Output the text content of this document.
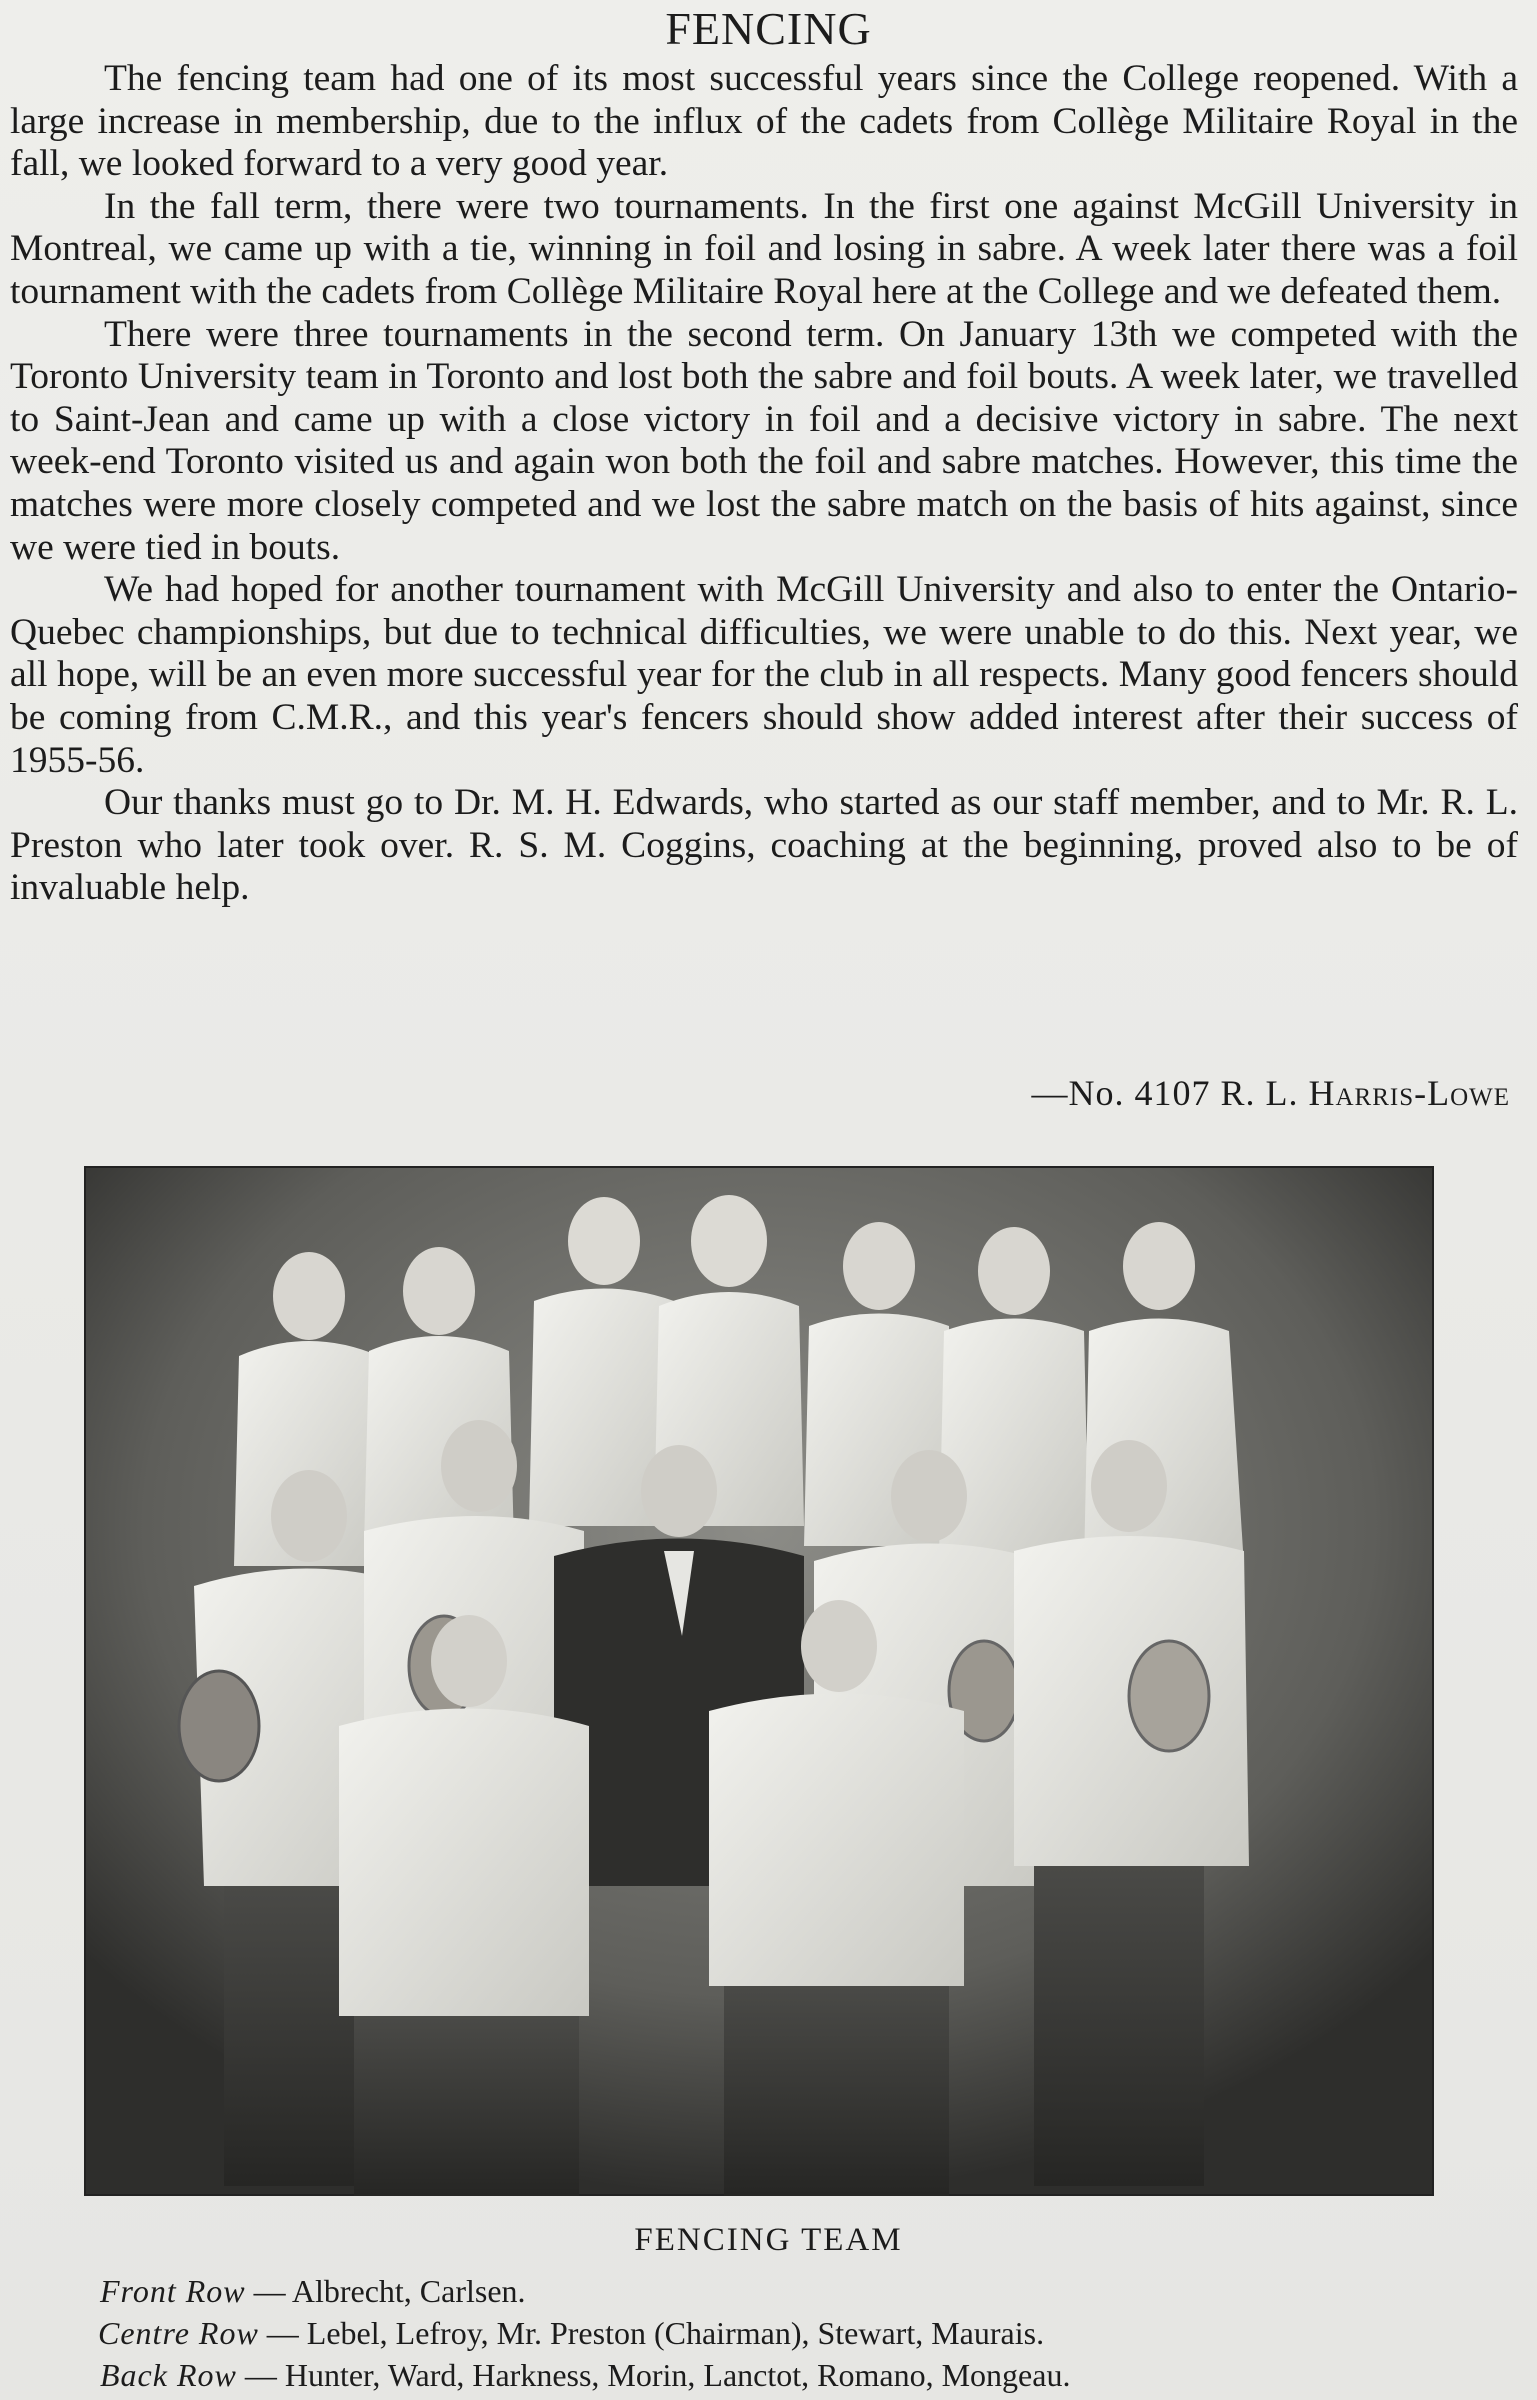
FENCING

The fencing team had one of its most successful years since the College reopened. With a large increase in membership, due to the influx of the cadets from Collège Militaire Royal in the fall, we looked forward to a very good year.

In the fall term, there were two tournaments. In the first one against McGill University in Montreal, we came up with a tie, winning in foil and losing in sabre. A week later there was a foil tournament with the cadets from Collège Militaire Royal here at the College and we defeated them.

There were three tournaments in the second term. On January 13th we competed with the Toronto University team in Toronto and lost both the sabre and foil bouts. A week later, we travelled to Saint-Jean and came up with a close victory in foil and a decisive victory in sabre. The next week-end Toronto visited us and again won both the foil and sabre matches. However, this time the matches were more closely competed and we lost the sabre match on the basis of hits against, since we were tied in bouts.

We had hoped for another tournament with McGill University and also to enter the Ontario-Quebec championships, but due to technical difficulties, we were unable to do this. Next year, we all hope, will be an even more successful year for the club in all respects. Many good fencers should be coming from C.M.R., and this year's fencers should show added interest after their success of 1955-56.

Our thanks must go to Dr. M. H. Edwards, who started as our staff member, and to Mr. R. L. Preston who later took over. R. S. M. Coggins, coaching at the beginning, proved also to be of invaluable help.

—No. 4107 R. L. Harris-Lowe
FENCING TEAM
Front Row — Albrecht, Carlsen.
Centre Row — Lebel, Lefroy, Mr. Preston (Chairman), Stewart, Maurais.
Back Row — Hunter, Ward, Harkness, Morin, Lanctot, Romano, Mongeau.
